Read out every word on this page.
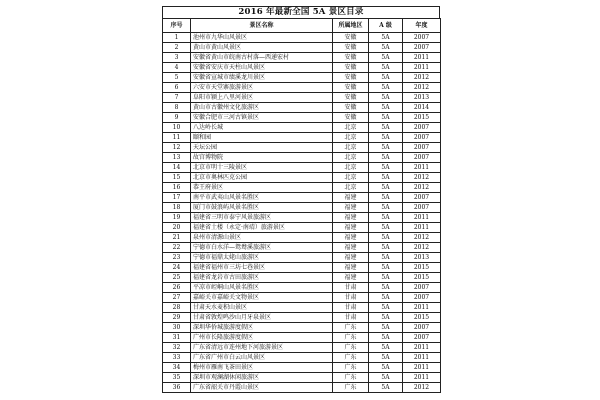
2016 年最新全国 5A 景区目录
序号	景区名称	所属地区	A 级	年度
1	池州市九华山风景区	安徽	5A	2007
2	黄山市黄山风景区	安徽	5A	2007
3	安徽省黄山市皖南古村落—西递宏村	安徽	5A	2011
4	安徽省安庆市天柱山风景区	安徽	5A	2011
5	安徽省宣城市绩溪龙川景区	安徽	5A	2012
6	六安市天堂寨旅游景区	安徽	5A	2012
7	阜阳市颍上八里河景区	安徽	5A	2013
8	黄山市古徽州文化旅游区	安徽	5A	2014
9	安徽合肥市三河古镇景区	安徽	5A	2015
10	八达岭长城	北京	5A	2007
11	颐和园	北京	5A	2007
12	天坛公园	北京	5A	2007
13	故宫博物院	北京	5A	2007
14	北京市明十三陵景区	北京	5A	2011
15	北京市奥林匹克公园	北京	5A	2012
16	恭王府景区	北京	5A	2012
17	南平市武夷山风景名胜区	福建	5A	2007
18	厦门市鼓浪屿风景名胜区	福建	5A	2007
19	福建省三明市泰宁风景旅游区	福建	5A	2011
20	福建省土楼（永定·南靖）旅游景区	福建	5A	2011
21	泉州市清源山景区	福建	5A	2012
22	宁德市白水洋—鸳鸯溪旅游区	福建	5A	2012
23	宁德市福鼎太姥山旅游区	福建	5A	2013
24	福建省福州市三坊七巷景区	福建	5A	2015
25	福建省龙岩市古田旅游区	福建	5A	2015
26	平凉市崆峒山风景名胜区	甘肃	5A	2007
27	嘉峪关市嘉峪关文物景区	甘肃	5A	2007
28	甘肃天水麦积山景区	甘肃	5A	2011
29	甘肃省敦煌鸣沙山月牙泉景区	甘肃	5A	2015
30	深圳华侨城旅游度假区	广东	5A	2007
31	广州市长隆旅游度假区	广东	5A	2007
32	广东省清远市连州地下河旅游景区	广东	5A	2011
33	广东省广州市白云山风景区	广东	5A	2011
34	梅州市雁南飞茶田景区	广东	5A	2011
35	深圳市观澜湖休闲旅游区	广东	5A	2011
36	广东省韶关市丹霞山景区	广东	5A	2012
